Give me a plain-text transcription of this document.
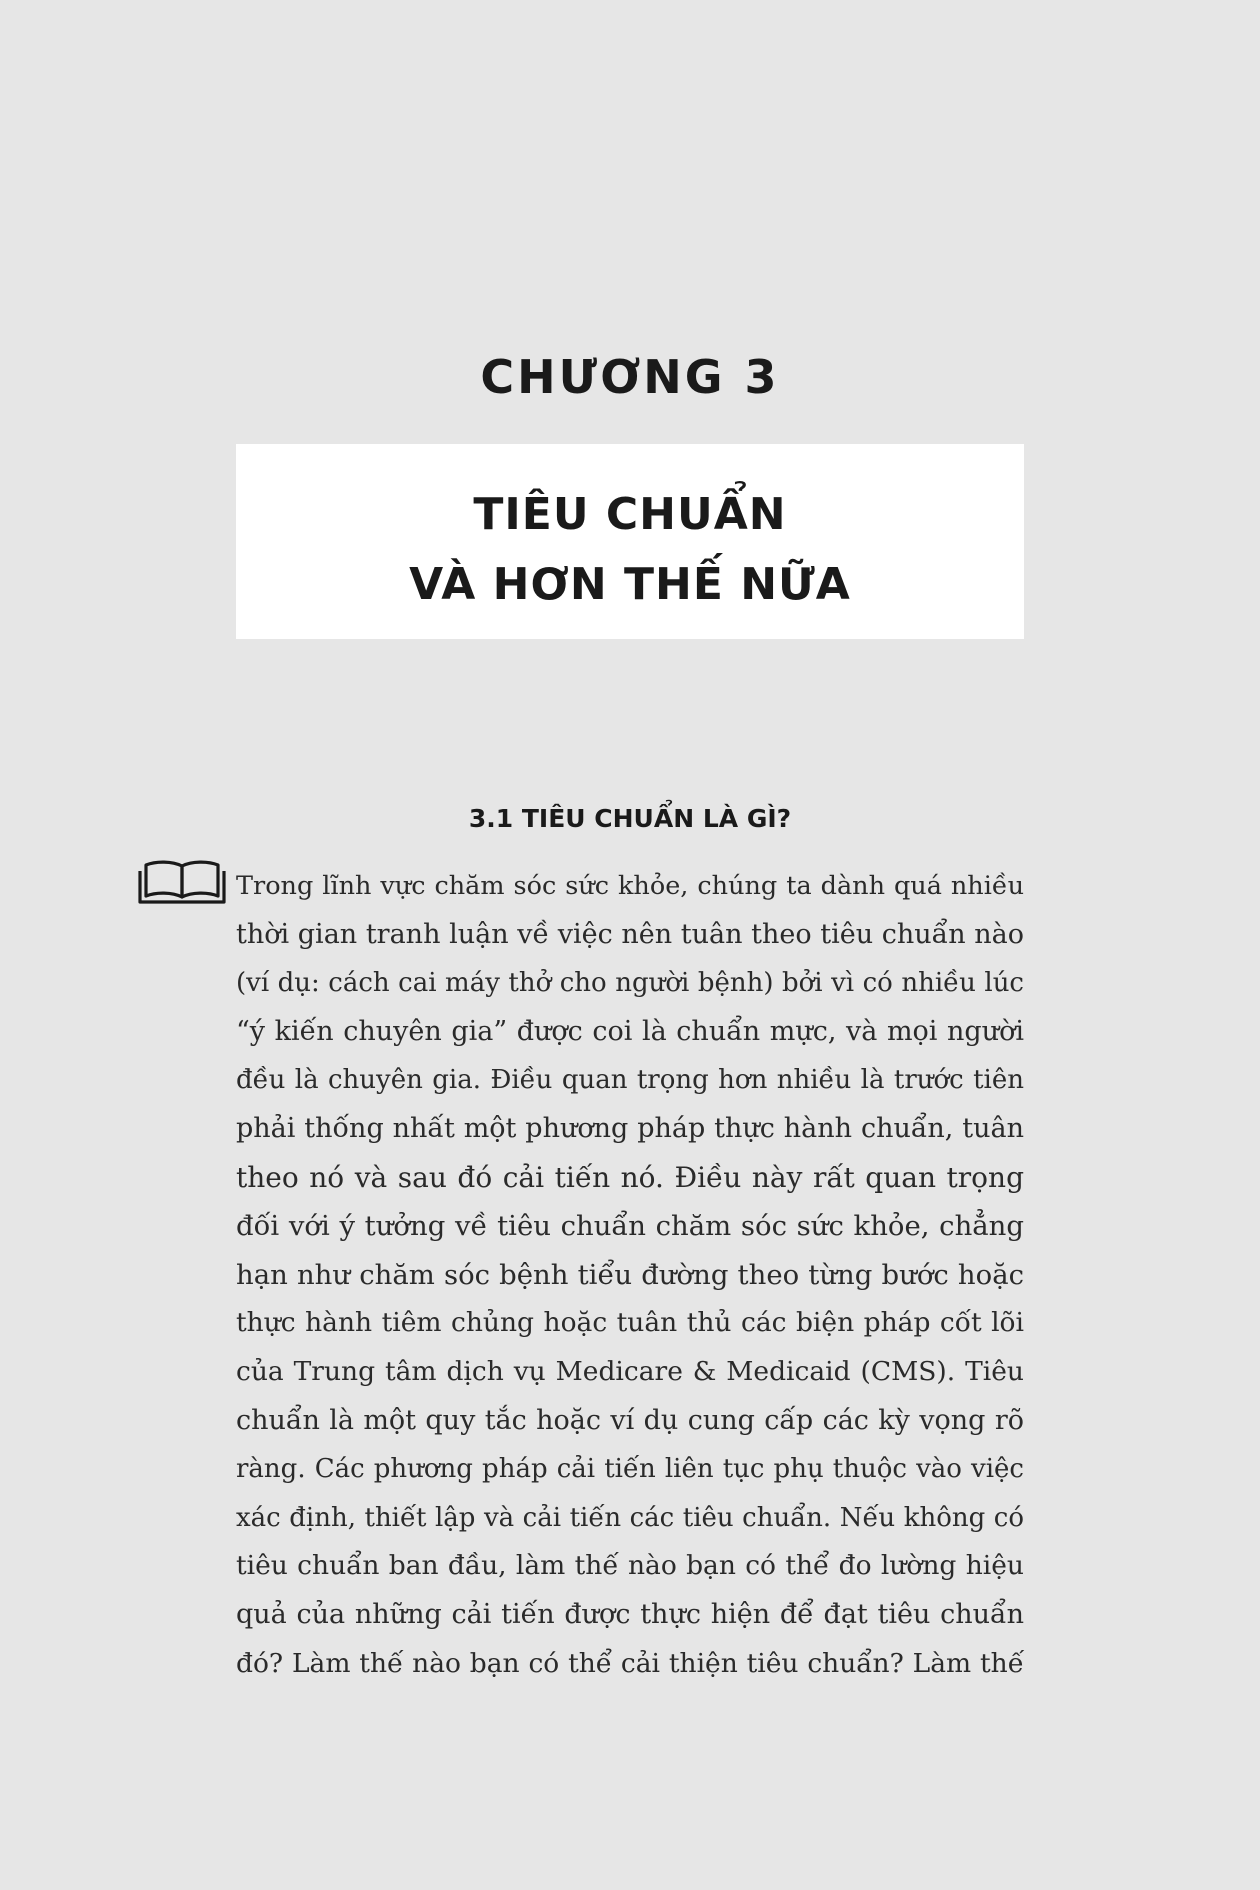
CHƯƠNG 3
TIÊU CHUẨN
VÀ HƠN THẾ NỮA
3.1 TIÊU CHUẨN LÀ GÌ?
Trong lĩnh vực chăm sóc sức khỏe, chúng ta dành quá nhiều
thời gian tranh luận về việc nên tuân theo tiêu chuẩn nào
(ví dụ: cách cai máy thở cho người bệnh) bởi vì có nhiều lúc
“ý kiến chuyên gia” được coi là chuẩn mực, và mọi người
đều là chuyên gia. Điều quan trọng hơn nhiều là trước tiên
phải thống nhất một phương pháp thực hành chuẩn, tuân
theo nó và sau đó cải tiến nó. Điều này rất quan trọng
đối với ý tưởng về tiêu chuẩn chăm sóc sức khỏe, chẳng
hạn như chăm sóc bệnh tiểu đường theo từng bước hoặc
thực hành tiêm chủng hoặc tuân thủ các biện pháp cốt lõi
của Trung tâm dịch vụ Medicare & Medicaid (CMS). Tiêu
chuẩn là một quy tắc hoặc ví dụ cung cấp các kỳ vọng rõ
ràng. Các phương pháp cải tiến liên tục phụ thuộc vào việc
xác định, thiết lập và cải tiến các tiêu chuẩn. Nếu không có
tiêu chuẩn ban đầu, làm thế nào bạn có thể đo lường hiệu
quả của những cải tiến được thực hiện để đạt tiêu chuẩn
đó? Làm thế nào bạn có thể cải thiện tiêu chuẩn? Làm thế
